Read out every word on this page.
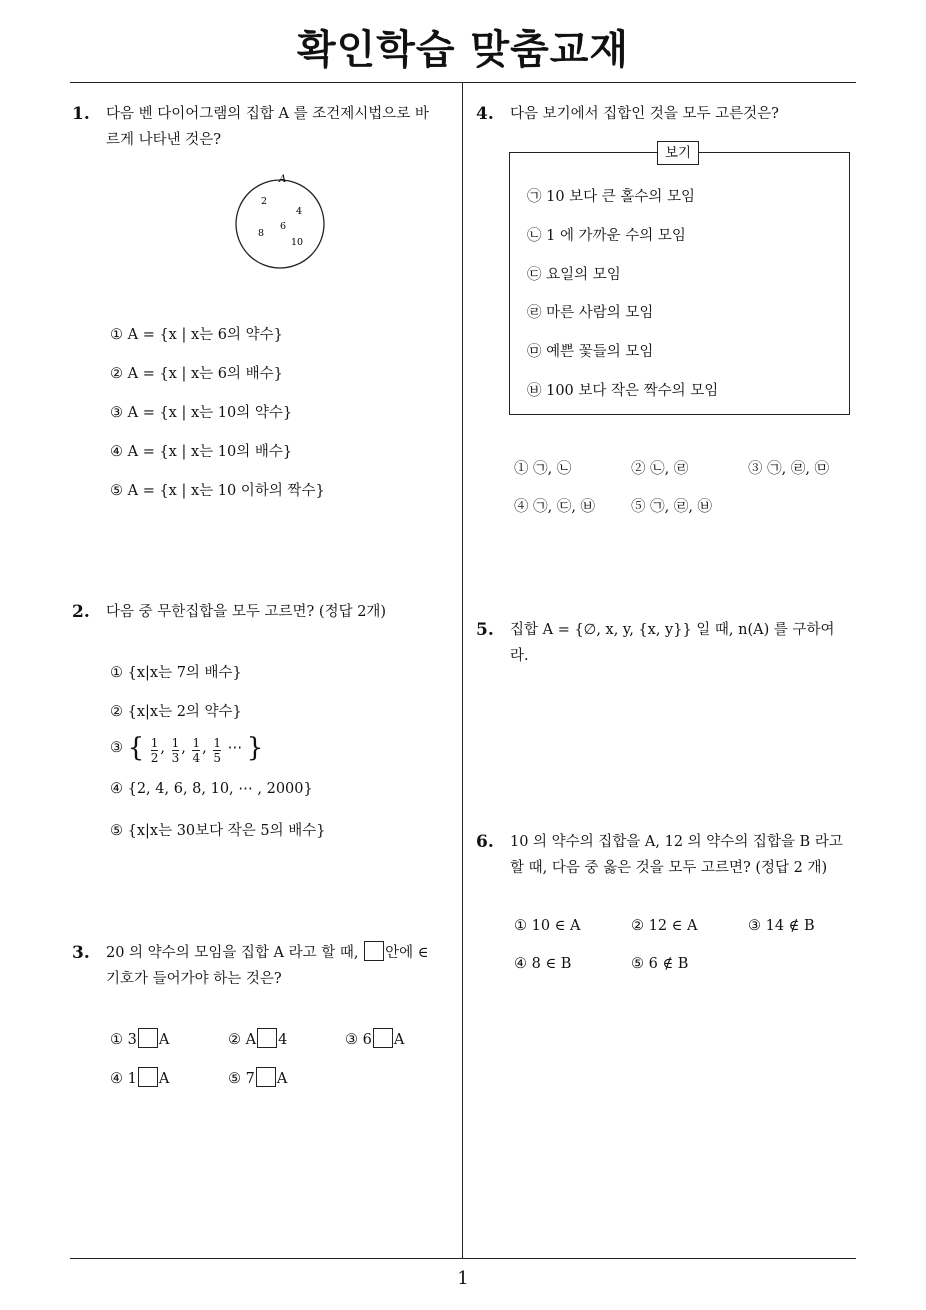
확인학습 맞춤교재
1
1. 다음 벤 다이어그램의 집합 A 를 조건제시법으로 바
르게 나타낸 것은?
A
2
4
6
8
10
① A = {x | x는 6의 약수}
② A = {x | x는 6의 배수}
③ A = {x | x는 10의 약수}
④ A = {x | x는 10의 배수}
⑤ A = {x | x는 10 이하의 짝수}
2. 다음 중 무한집합을 모두 고르면? (정답 2개)
① {x|x는 7의 배수}
② {x|x는 2의 약수}
③ { $\frac{1}{2}$ , $\frac{1}{3}$ , $\frac{1}{4}$ , $\frac{1}{5}$ ⋯ }
④ {2, 4, 6, 8, 10, ⋯ , 2000}
⑤ {x|x는 30보다 작은 5의 배수}
3. 20 의 약수의 모임을 집합 A 라고 할 때, 안에 ∈
기호가 들어가야 하는 것은?
① 3 A	② A 4	③ 6 A
④ 1 A	⑤ 7 A
4. 다음 보기에서 집합인 것을 모두 고른것은?
보기
㉠ 10 보다 큰 홀수의 모임
㉡ 1 에 가까운 수의 모임
㉢ 요일의 모임
㉣ 마른 사람의 모임
㉤ 예쁜 꽃들의 모임
㉥ 100 보다 작은 짝수의 모임
① ㉠, ㉡	② ㉡, ㉣	③ ㉠, ㉣, ㉤
④ ㉠, ㉢, ㉥ ⑤ ㉠, ㉣, ㉥
5. 집합 A = {∅, x, y, {x, y}} 일 때, n(A) 를 구하여
라.
6. 10 의 약수의 집합을 A, 12 의 약수의 집합을 B 라고
할 때, 다음 중 옳은 것을 모두 고르면? (정답 2 개)
① 10 ∈ A	② 12 ∈ A	③ 14 ∉ B
④ 8 ∈ B	⑤ 6 ∉ B
